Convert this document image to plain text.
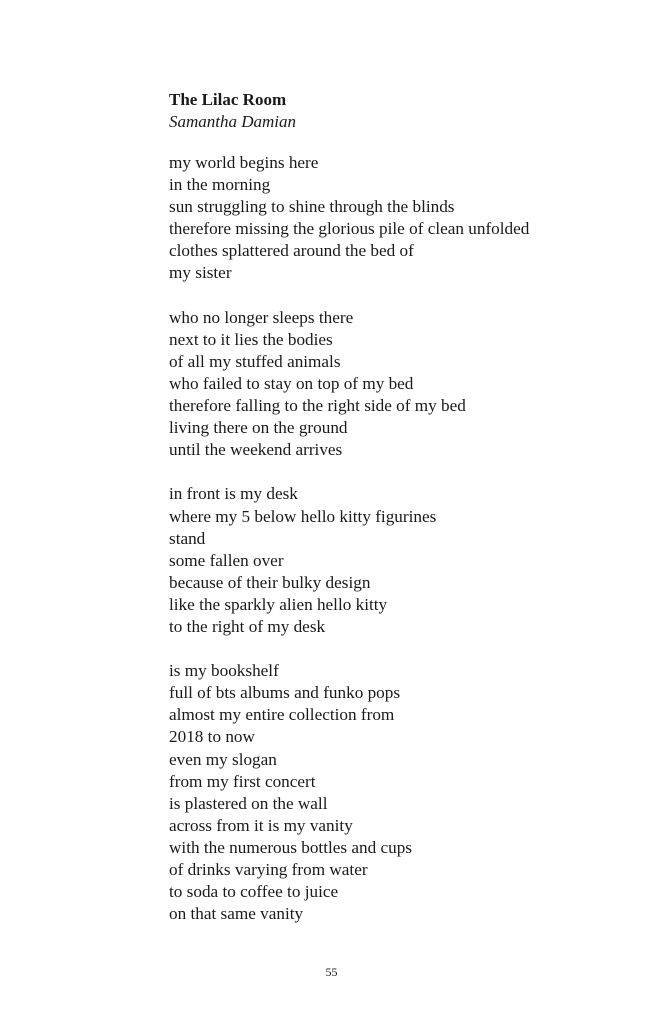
The Lilac Room
Samantha Damian
my world begins here
in the morning
sun struggling to shine through the blinds
therefore missing the glorious pile of clean unfolded
clothes splattered around the bed of
my sister
who no longer sleeps there
next to it lies the bodies
of all my stuffed animals
who failed to stay on top of my bed
therefore falling to the right side of my bed
living there on the ground
until the weekend arrives
in front is my desk
where my 5 below hello kitty figurines
stand
some fallen over
because of their bulky design
like the sparkly alien hello kitty
to the right of my desk
is my bookshelf
full of bts albums and funko pops
almost my entire collection from
2018 to now
even my slogan
from my first concert
is plastered on the wall
across from it is my vanity
with the numerous bottles and cups
of drinks varying from water
to soda to coffee to juice
on that same vanity
55
